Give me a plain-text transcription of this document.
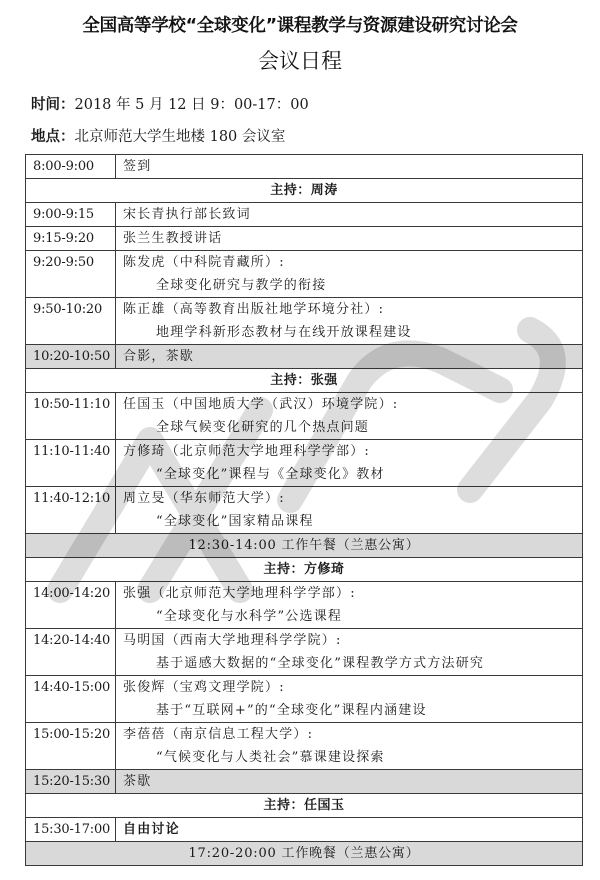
全国高等学校“全球变化”课程教学与资源建设研究讨论会
会议日程
时间：2018 年 5 月 12 日 9：00-17：00
地点：北京师范大学生地楼 180 会议室
8:00-9:00	签到
主持：周涛	
9:00-9:15	宋长青执行部长致词
9:15-9:20	张兰生教授讲话
9:20-9:50	陈发虎（中科院青藏所）:
全球变化研究与教学的衔接

9:50-10:20	陈正雄（高等教育出版社地学环境分社）:
地理学科新形态教材与在线开放课程建设

10:20-10:50	合影，茶歇
主持：张强	
10:50-11:10	任国玉（中国地质大学（武汉）环境学院）:
全球气候变化研究的几个热点问题

11:10-11:40	方修琦（北京师范大学地理科学学部）:
“全球变化”课程与《全球变化》教材

11:40-12:10	周立旻（华东师范大学）:
“全球变化”国家精品课程

12:30-14:00 工作午餐（兰惠公寓）	
主持：方修琦	
14:00-14:20	张强（北京师范大学地理科学学部）:
“全球变化与水科学”公选课程

14:20-14:40	马明国（西南大学地理科学学院）:
基于遥感大数据的“全球变化”课程教学方式方法研究

14:40-15:00	张俊辉（宝鸡文理学院）:
基于“互联网+”的“全球变化”课程内涵建设

15:00-15:20	李蓓蓓（南京信息工程大学）:
“气候变化与人类社会”慕课建设探索

15:20-15:30	茶歇
主持：任国玉	
15:30-17:00	自由讨论
17:20-20:00 工作晚餐（兰惠公寓）	
